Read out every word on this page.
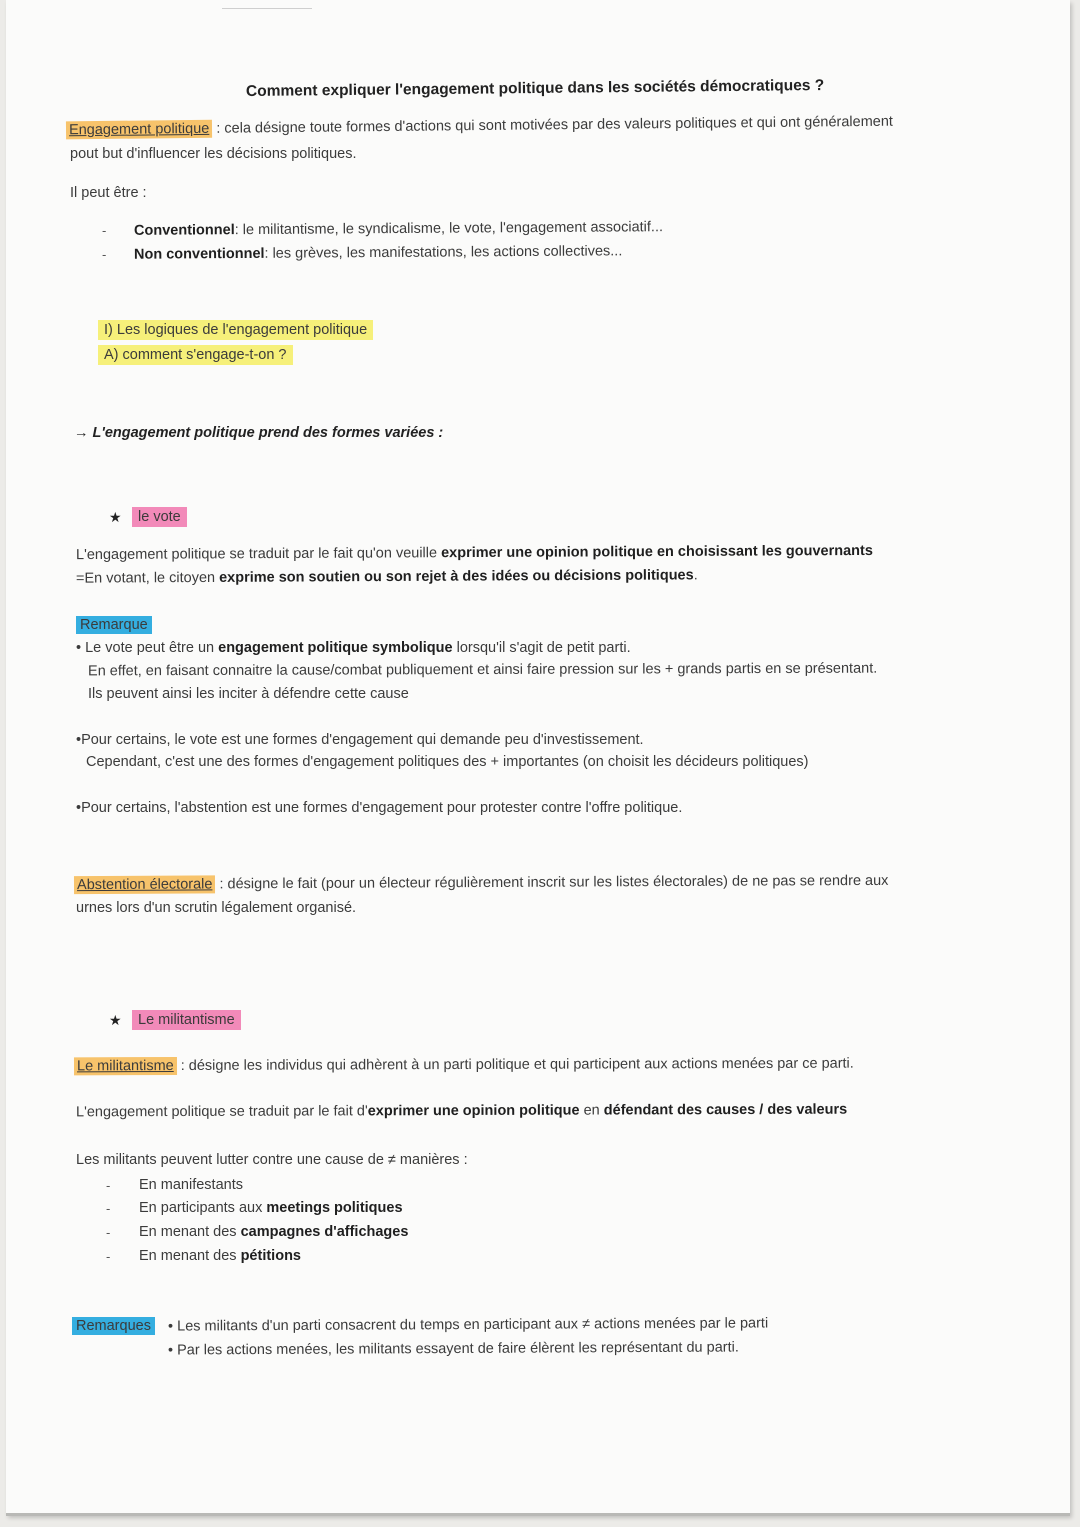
Comment expliquer l'engagement politique dans les sociétés démocratiques ?
Engagement politique : cela désigne toute formes d'actions qui sont motivées par des valeurs politiques et qui ont généralement
pout but d'influencer les décisions politiques.
Il peut être :
- Conventionnel: le militantisme, le syndicalisme, le vote, l'engagement associatif...
- Non conventionnel: les grèves, les manifestations, les actions collectives...
I) Les logiques de l'engagement politique
A) comment s'engage-t-on ?
→ L'engagement politique prend des formes variées :
★	le vote
L'engagement politique se traduit par le fait qu'on veuille exprimer une opinion politique en choisissant les gouvernants
=En votant, le citoyen exprime son soutien ou son rejet à des idées ou décisions politiques.
Remarque
• Le vote peut être un engagement politique symbolique lorsqu'il s'agit de petit parti.
En effet, en faisant connaitre la cause/combat publiquement et ainsi faire pression sur les + grands partis en se présentant.
Ils peuvent ainsi les inciter à défendre cette cause
•Pour certains, le vote est une formes d'engagement qui demande peu d'investissement.
Cependant, c'est une des formes d'engagement politiques des + importantes (on choisit les décideurs politiques)
•Pour certains, l'abstention est une formes d'engagement pour protester contre l'offre politique.
Abstention électorale : désigne le fait (pour un électeur régulièrement inscrit sur les listes électorales) de ne pas se rendre aux
urnes lors d'un scrutin légalement organisé.
★	Le militantisme
Le militantisme : désigne les individus qui adhèrent à un parti politique et qui participent aux actions menées par ce parti.
L'engagement politique se traduit par le fait d'exprimer une opinion politique en défendant des causes / des valeurs
Les militants peuvent lutter contre une cause de ≠ manières :
- En manifestants
- En participants aux meetings politiques
- En menant des campagnes d'affichages
- En menant des pétitions
Remarques • Les militants d'un parti consacrent du temps en participant aux ≠ actions menées par le parti
• Par les actions menées, les militants essayent de faire élèrent les représentant du parti.
